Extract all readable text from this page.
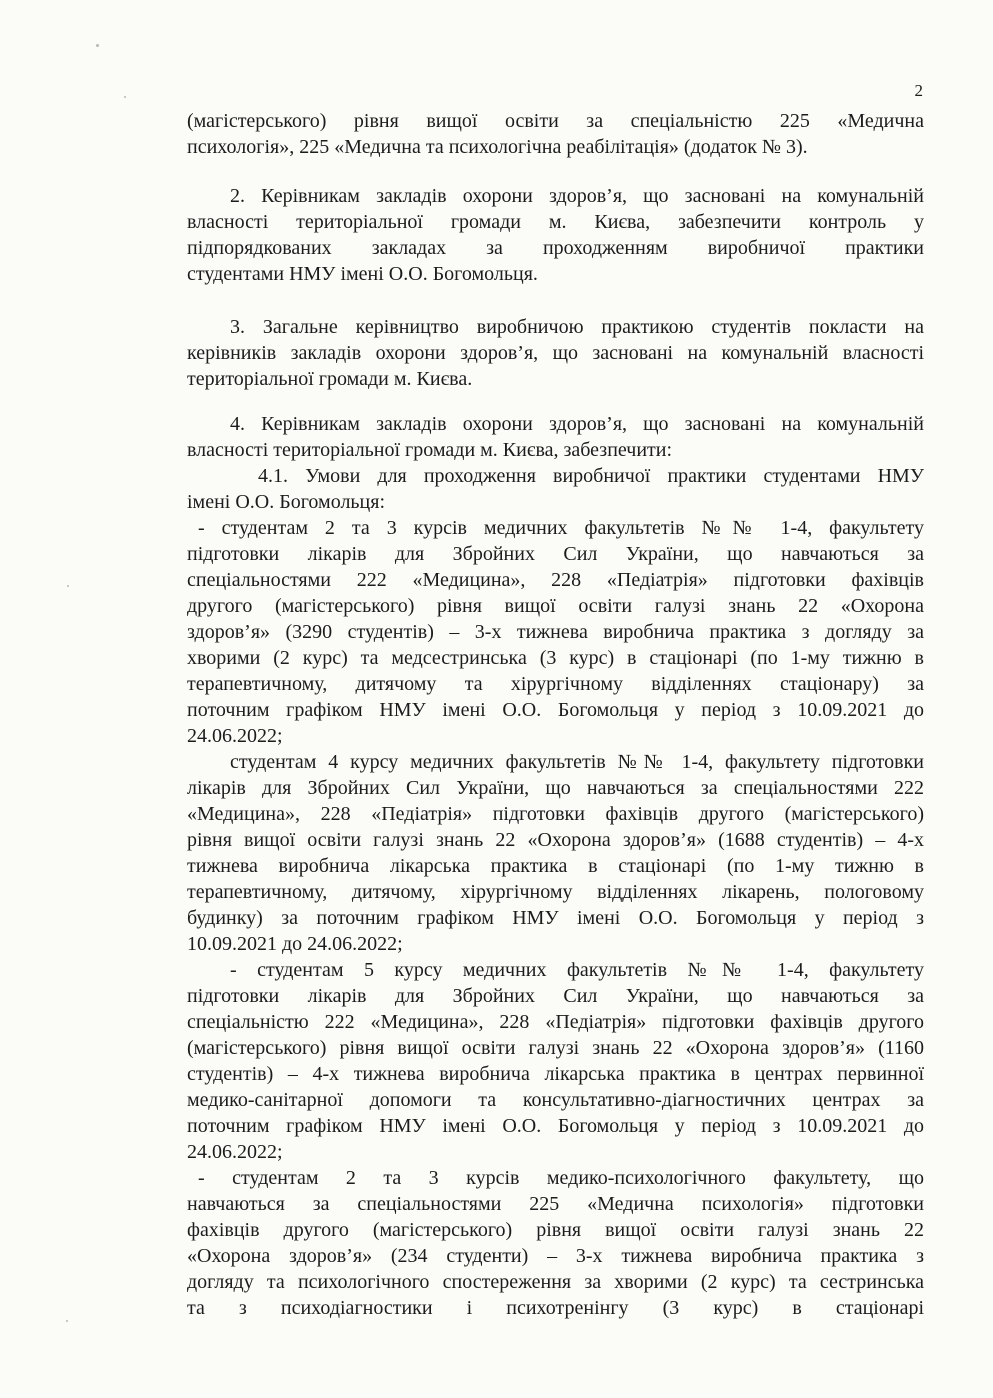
2
(магістерського) рівня вищої освіти за спеціальністю 225 «Медична
психологія», 225 «Медична та психологічна реабілітація» (додаток № 3).
2. Керівникам закладів охорони здоров’я, що засновані на комунальній
власності територіальної громади м. Києва, забезпечити контроль у
підпорядкованих закладах за проходженням виробничої практики
студентами НМУ імені О.О. Богомольця.
3. Загальне керівництво виробничою практикою студентів покласти на
керівників закладів охорони здоров’я, що засновані на комунальній власності
територіальної громади м. Києва.
4. Керівникам закладів охорони здоров’я, що засновані на комунальній
власності територіальної громади м. Києва, забезпечити:
4.1. Умови для проходження виробничої практики студентами НМУ
імені О.О. Богомольця:
- студентам 2 та 3 курсів медичних факультетів №№ 1-4, факультету
підготовки лікарів для Збройних Сил України, що навчаються за
спеціальностями 222 «Медицина», 228 «Педіатрія» підготовки фахівців
другого (магістерського) рівня вищої освіти галузі знань 22 «Охорона
здоров’я» (3290 студентів) – 3-х тижнева виробнича практика з догляду за
хворими (2 курс) та медсестринська (3 курс) в стаціонарі (по 1-му тижню в
терапевтичному, дитячому та хірургічному відділеннях стаціонару) за
поточним графіком НМУ імені О.О. Богомольця у період з 10.09.2021 до
24.06.2022;
студентам 4 курсу медичних факультетів №№ 1-4, факультету підготовки
лікарів для Збройних Сил України, що навчаються за спеціальностями 222
«Медицина», 228 «Педіатрія» підготовки фахівців другого (магістерського)
рівня вищої освіти галузі знань 22 «Охорона здоров’я» (1688 студентів) – 4-х
тижнева виробнича лікарська практика в стаціонарі (по 1-му тижню в
терапевтичному, дитячому, хірургічному відділеннях лікарень, пологовому
будинку) за поточним графіком НМУ імені О.О. Богомольця у період з
10.09.2021 до 24.06.2022;
- студентам 5 курсу медичних факультетів №№ 1-4, факультету
підготовки лікарів для Збройних Сил України, що навчаються за
спеціальністю 222 «Медицина», 228 «Педіатрія» підготовки фахівців другого
(магістерського) рівня вищої освіти галузі знань 22 «Охорона здоров’я» (1160
студентів) – 4-х тижнева виробнича лікарська практика в центрах первинної
медико-санітарної допомоги та консультативно-діагностичних центрах за
поточним графіком НМУ імені О.О. Богомольця у період з 10.09.2021 до
24.06.2022;
- студентам 2 та 3 курсів медико-психологічного факультету, що
навчаються за спеціальностями 225 «Медична психологія» підготовки
фахівців другого (магістерського) рівня вищої освіти галузі знань 22
«Охорона здоров’я» (234 студенти) – 3-х тижнева виробнича практика з
догляду та психологічного спостереження за хворими (2 курс) та сестринська
та з психодіагностики і психотренінгу (3 курс) в стаціонарі
